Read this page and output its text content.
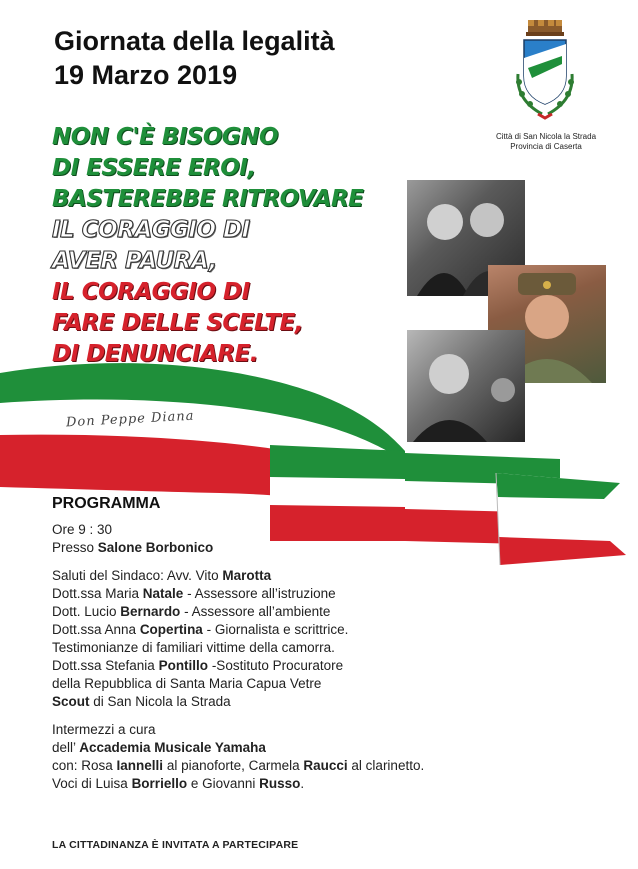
Giornata della legalità
19 Marzo 2019
Città di San Nicola la Strada
Provincia di Caserta
NON C'È BISOGNO
DI ESSERE EROI,
BASTEREBBE RITROVARE
IL CORAGGIO DI
AVER PAURA,
IL CORAGGIO DI
FARE DELLE SCELTE,
DI DENUNCIARE.
Don Peppe Diana
PROGRAMMA
Ore 9 : 30
Presso Salone Borbonico
Saluti del Sindaco: Avv. Vito Marotta
Dott.ssa Maria Natale - Assessore all’istruzione
Dott. Lucio Bernardo - Assessore all’ambiente
Dott.ssa Anna Copertina - Giornalista e scrittrice.
Testimonianze di familiari vittime della camorra.
Dott.ssa Stefania Pontillo -Sostituto Procuratore
della Repubblica di Santa Maria Capua Vetre
Scout di San Nicola la Strada
Intermezzi a cura
dell’ Accademia Musicale Yamaha
con: Rosa Iannelli al pianoforte, Carmela Raucci al clarinetto.
Voci di Luisa Borriello e Giovanni Russo.
LA CITTADINANZA È INVITATA A PARTECIPARE
